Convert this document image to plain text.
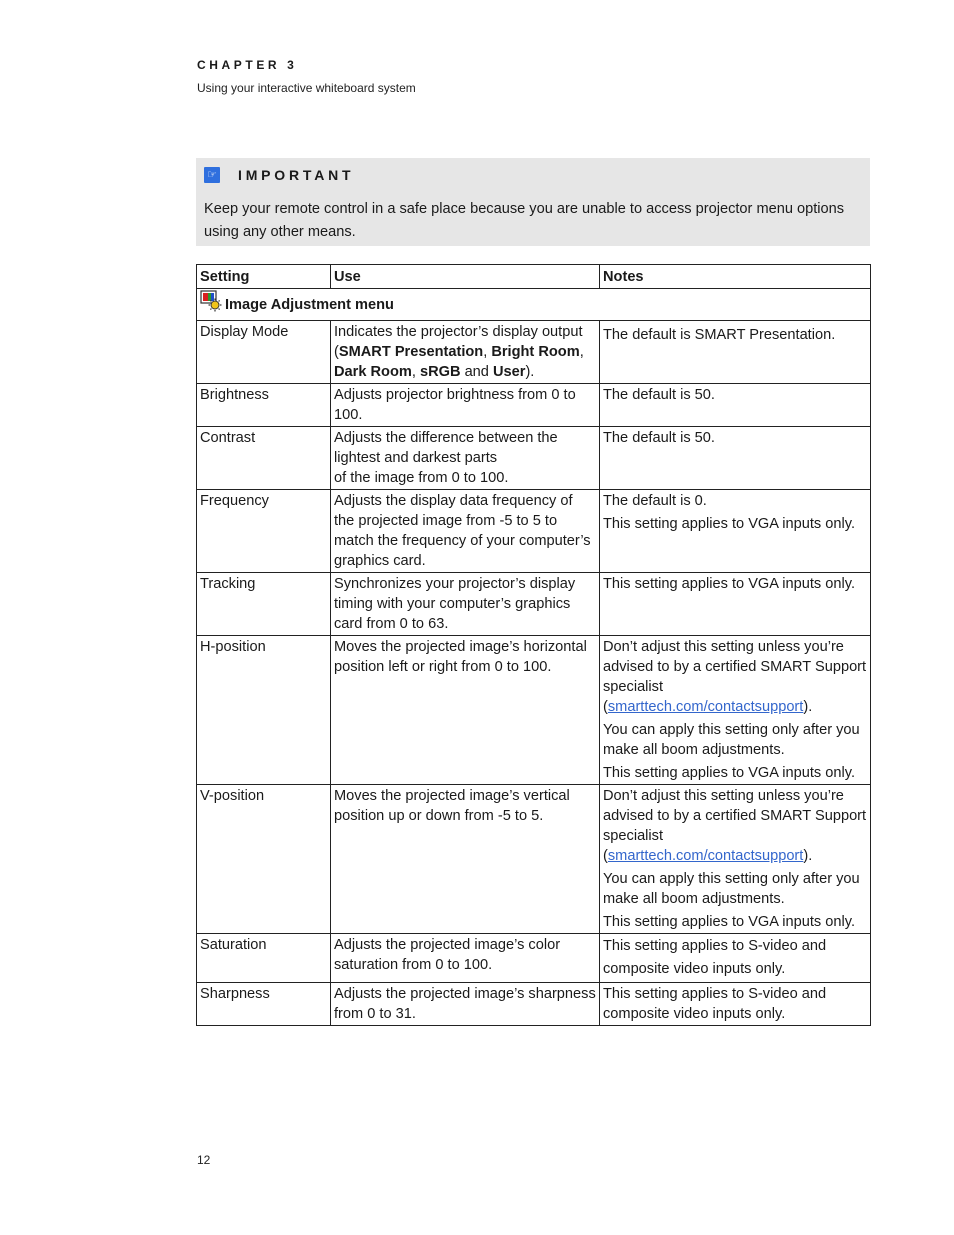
CHAPTER 3
Using your interactive whiteboard system
☞ IMPORTANT
Keep your remote control in a safe place because you are unable to access projector menu options using any other means.
Setting	Use	Notes
Image Adjustment menu		
Display Mode	Indicates the projector’s display output (SMART Presentation, Bright Room, Dark Room, sRGB and User).	The default is SMART Presentation.

Brightness	Adjusts projector brightness from 0 to 100.	The default is 50.

Contrast	Adjusts the difference between the lightest and darkest parts
of the image from 0 to 100.	The default is 50.

Frequency	Adjusts the display data frequency of the projected image from -5 to 5 to match the frequency of your computer’s graphics card.	The default is 0.

This setting applies to VGA inputs only.

Tracking	Synchronizes your projector’s display timing with your computer’s graphics card from 0 to 63.	This setting applies to VGA inputs only.

H-position	Moves the projected image’s horizontal position left or right from 0 to 100.	Don’t adjust this setting unless you’re advised to by a certified SMART Support specialist (smarttech.com/contactsupport).

You can apply this setting only after you make all boom adjustments.

This setting applies to VGA inputs only.

V-position	Moves the projected image’s vertical position up or down from -5 to 5.	Don’t adjust this setting unless you’re advised to by a certified SMART Support specialist (smarttech.com/contactsupport).

You can apply this setting only after you make all boom adjustments.

This setting applies to VGA inputs only.

Saturation	Adjusts the projected image’s color saturation from 0 to 100.	This setting applies to S-video and composite video inputs only.

Sharpness	Adjusts the projected image’s sharpness from 0 to 31.	This setting applies to S-video and composite video inputs only.

12
